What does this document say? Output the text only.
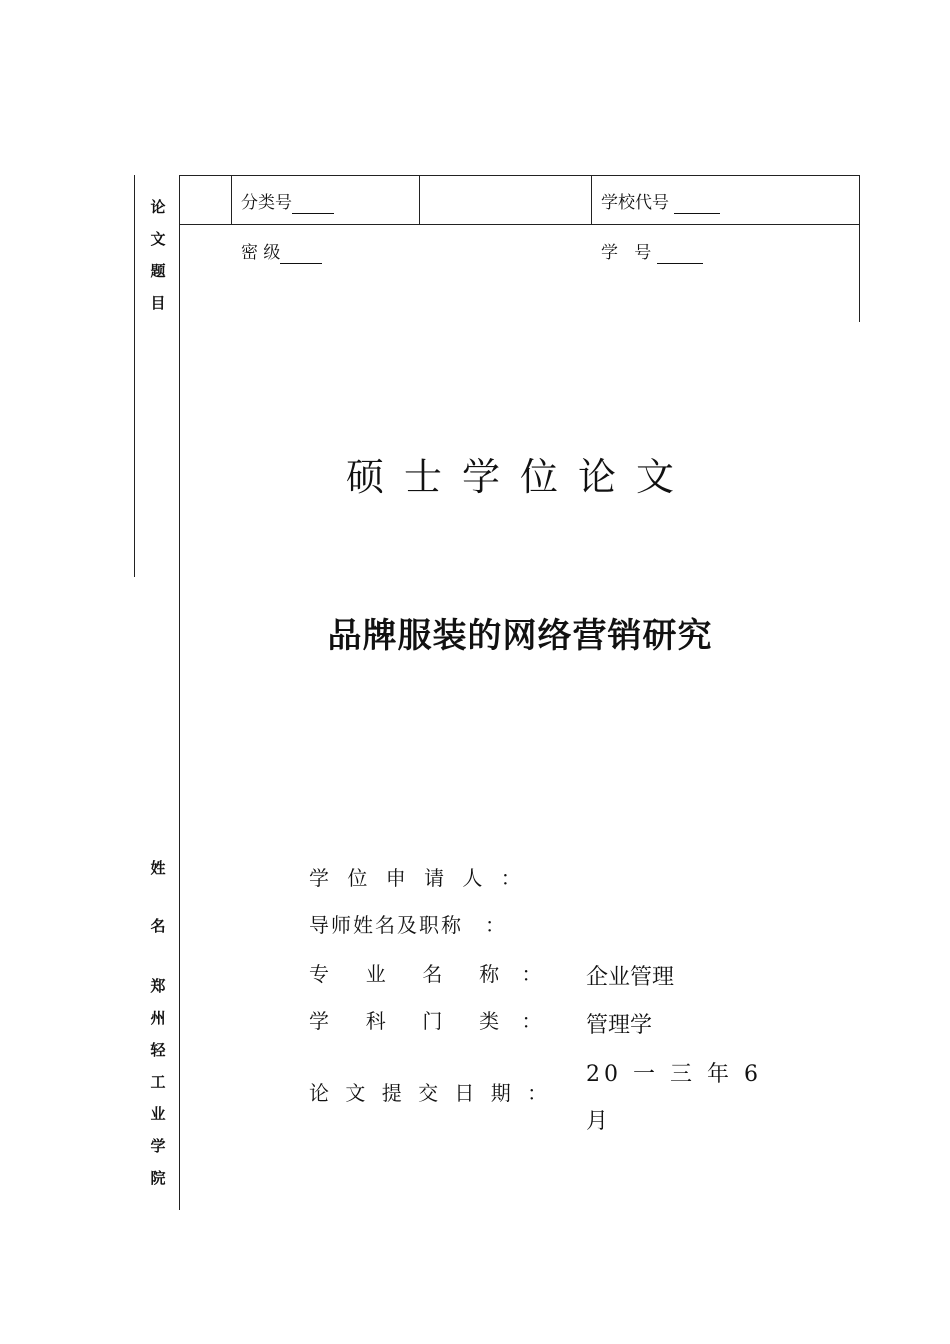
论
文
题
目
姓
名
郑
州
轻
工
业
学
院
分类号	学校代号
密 级	学   号
硕士学位论文
品牌服装的网络营销研究
学 位 申 请 人 ：
导师姓名及职称　：
专  业  名  称 ： 企业管理
学  科  门  类 ： 管理学
论 文 提 交 日 期 ：
20 一 三 年 6
月
